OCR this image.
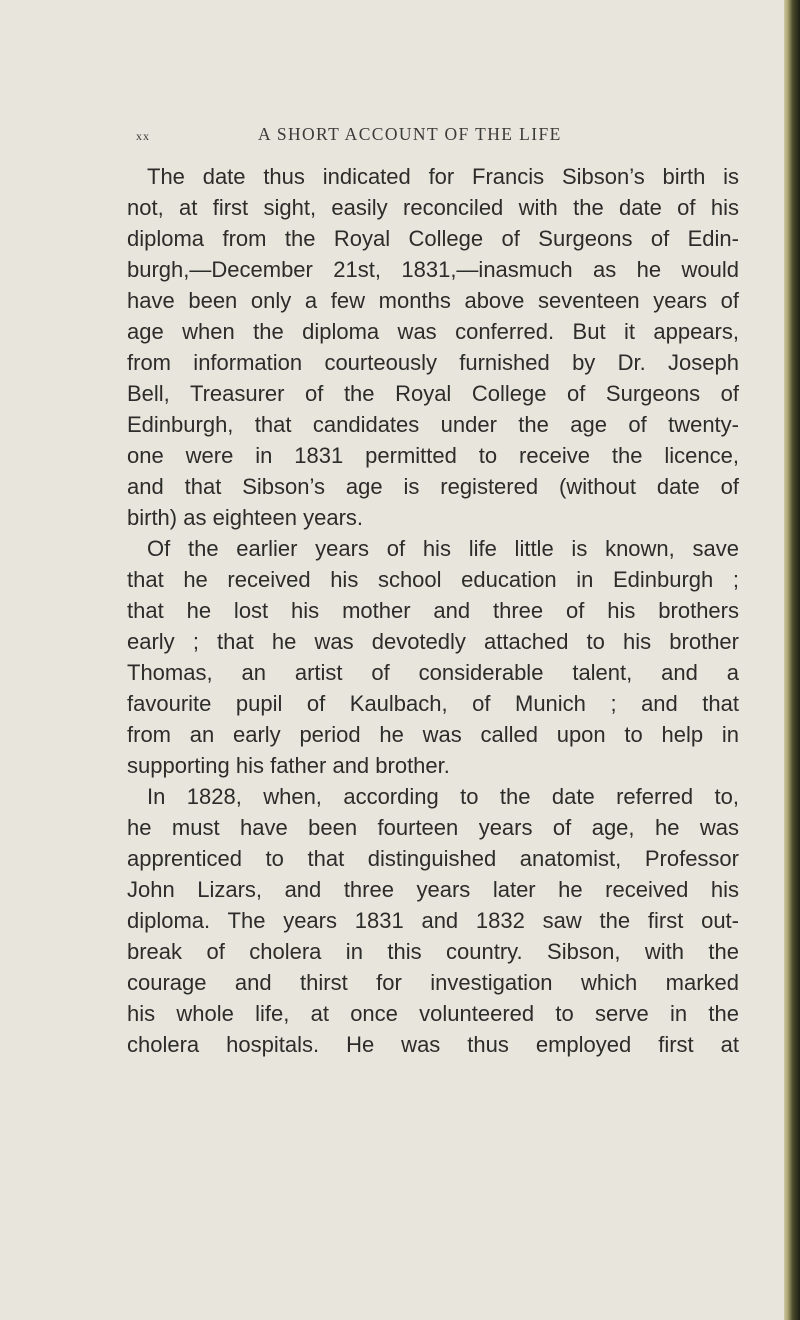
xx	A SHORT ACCOUNT OF THE LIFE
The date thus indicated for Francis Sibson’s birth is
not, at first sight, easily reconciled with the date of his
diploma from the Royal College of Surgeons of Edin-
burgh,—December 21st, 1831,—inasmuch as he would
have been only a few months above seventeen years of
age when the diploma was conferred. But it appears,
from information courteously furnished by Dr. Joseph
Bell, Treasurer of the Royal College of Surgeons of
Edinburgh, that candidates under the age of twenty-
one were in 1831 permitted to receive the licence,
and that Sibson’s age is registered (without date of
birth) as eighteen years.
Of the earlier years of his life little is known, save
that he received his school education in Edinburgh ;
that he lost his mother and three of his brothers
early ; that he was devotedly attached to his brother
Thomas, an artist of considerable talent, and a
favourite pupil of Kaulbach, of Munich ; and that
from an early period he was called upon to help in
supporting his father and brother.
In 1828, when, according to the date referred to,
he must have been fourteen years of age, he was
apprenticed to that distinguished anatomist, Professor
John Lizars, and three years later he received his
diploma. The years 1831 and 1832 saw the first out-
break of cholera in this country. Sibson, with the
courage and thirst for investigation which marked
his whole life, at once volunteered to serve in the
cholera hospitals. He was thus employed first at
